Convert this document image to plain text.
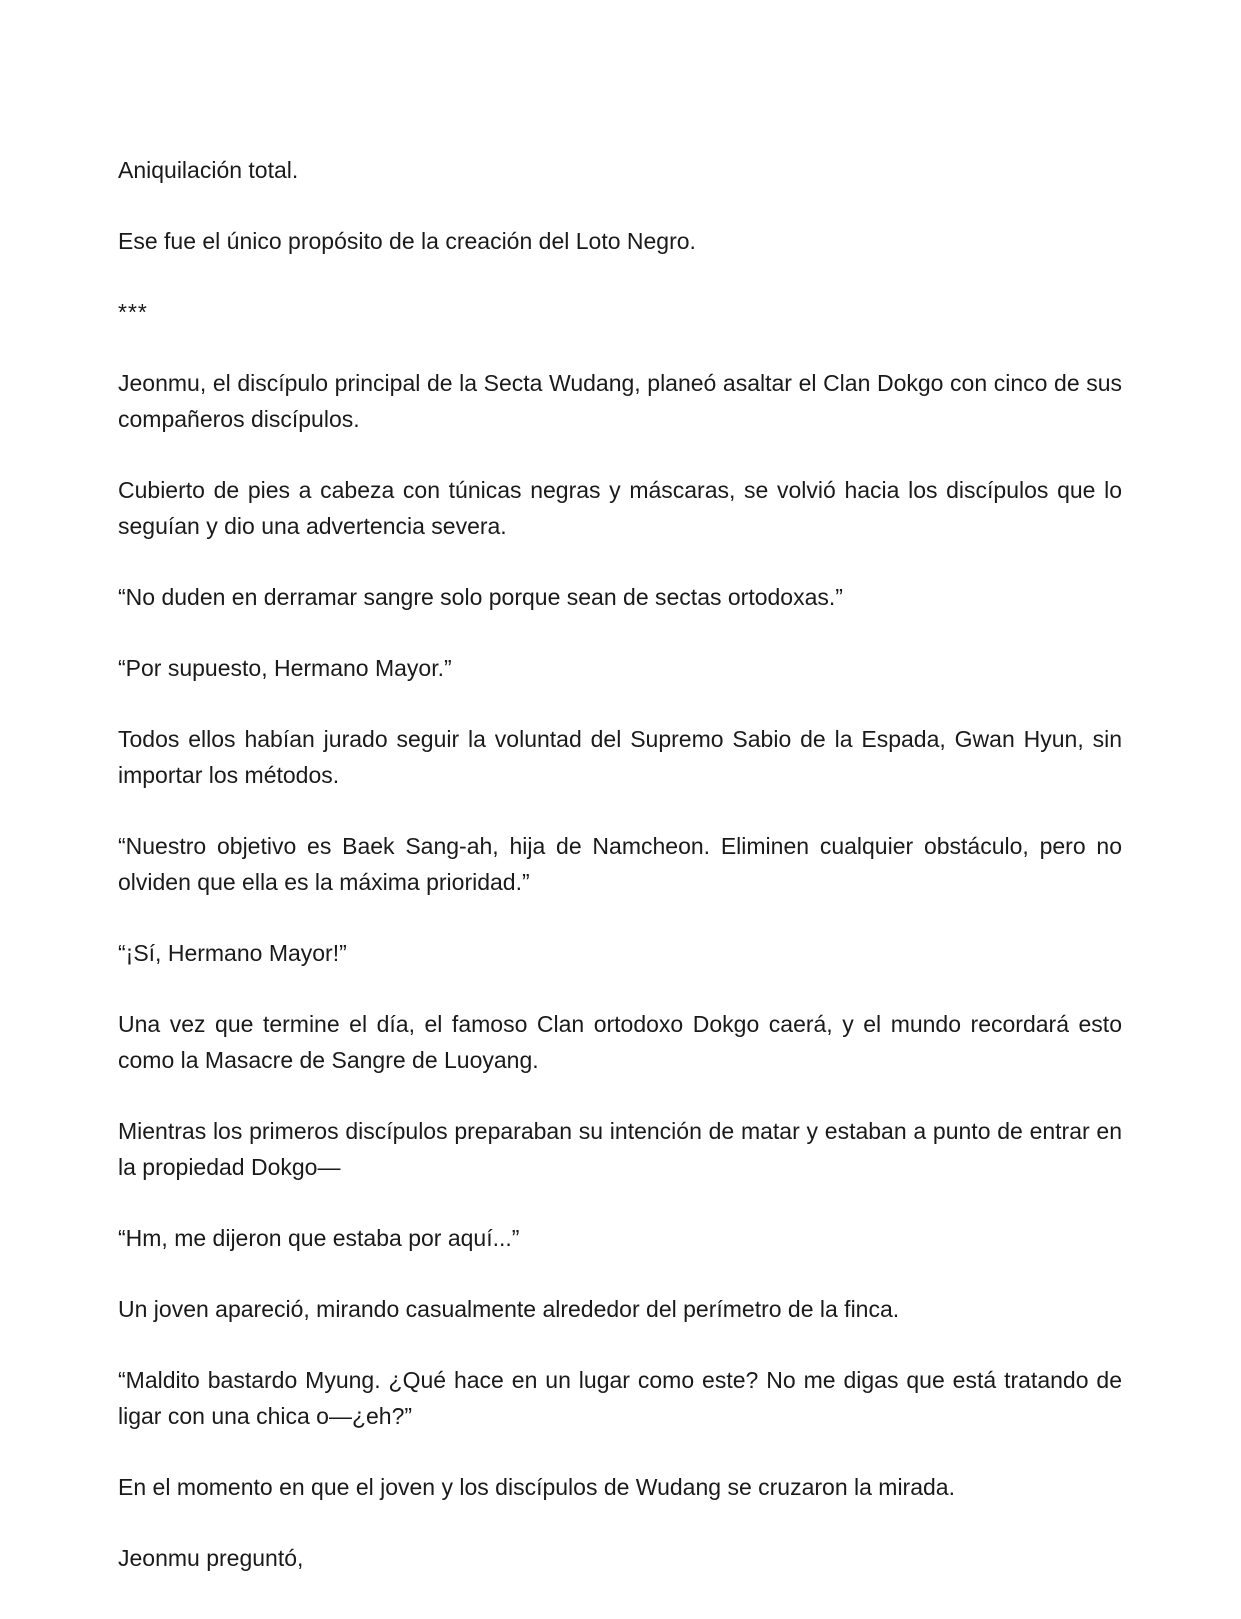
Aniquilación total.

Ese fue el único propósito de la creación del Loto Negro.

***

Jeonmu, el discípulo principal de la Secta Wudang, planeó asaltar el Clan Dokgo con cinco de sus compañeros discípulos.

Cubierto de pies a cabeza con túnicas negras y máscaras, se volvió hacia los discípulos que lo seguían y dio una advertencia severa.

“No duden en derramar sangre solo porque sean de sectas ortodoxas.”

“Por supuesto, Hermano Mayor.”

Todos ellos habían jurado seguir la voluntad del Supremo Sabio de la Espada, Gwan Hyun, sin importar los métodos.

“Nuestro objetivo es Baek Sang-ah, hija de Namcheon. Eliminen cualquier obstáculo, pero no olviden que ella es la máxima prioridad.”

“¡Sí, Hermano Mayor!”

Una vez que termine el día, el famoso Clan ortodoxo Dokgo caerá, y el mundo recordará esto como la Masacre de Sangre de Luoyang.

Mientras los primeros discípulos preparaban su intención de matar y estaban a punto de entrar en la propiedad Dokgo—

“Hm, me dijeron que estaba por aquí...”

Un joven apareció, mirando casualmente alrededor del perímetro de la finca.

“Maldito bastardo Myung. ¿Qué hace en un lugar como este? No me digas que está tratando de ligar con una chica o—¿eh?”

En el momento en que el joven y los discípulos de Wudang se cruzaron la mirada.

Jeonmu preguntó,
